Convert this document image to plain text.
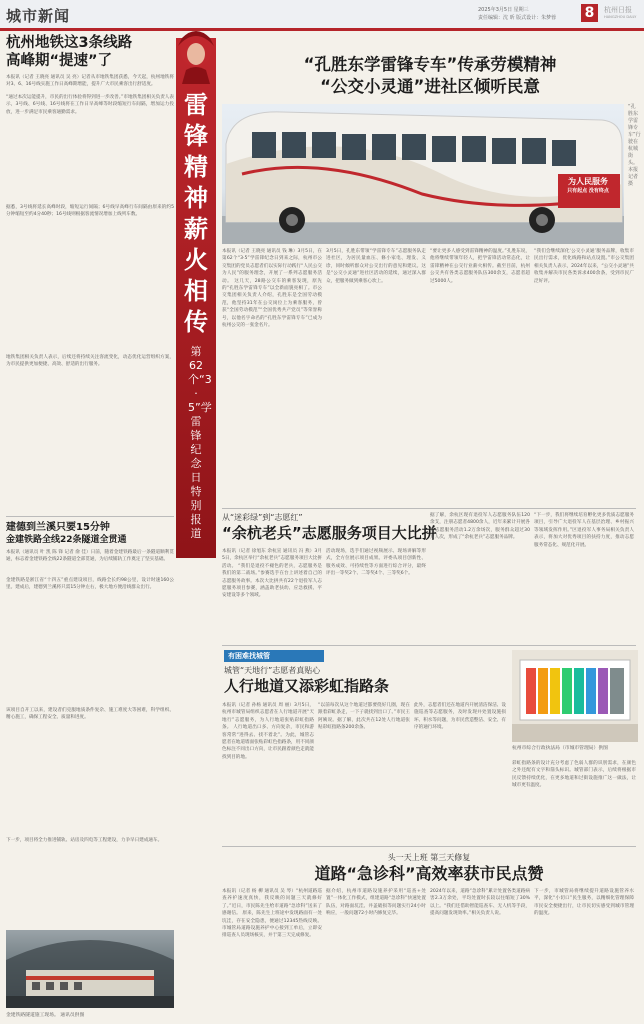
城市新闻	2025年3月5日 星期三
责任编辑：沈 昕 版式设计：朱梦蓉 8	杭州日报
HANGZHOU DAILY
杭州地铁这3条线路
高峰期“提速”了
本报讯（记者 王晓亮 通讯员 吴 亮）记者从市地铁集团获悉，今天起，杭州地铁将对3、6、16号线实施工作日高峰期增能，提升广大市民乘客出行舒适度。
“通过本次运能提升，市民的出行体验将得到进一步改善。”市地铁集团相关负责人表示，3号线、6号线、16号线将在工作日早高峰等时段缩短行车间隔，增加运力投放，进一步满足市民乘客通勤需求。
据悉，3号线将延长高峰时段，缩短运行间隔；6号线早高峰行车间隔由原来的约5分钟缩短至约4分40秒；16号线则根据客流情况增加上线列车数。
地铁集团相关负责人表示，后续还将持续关注客流变化，动态优化运营组织方案，为市民提供更加便捷、高效、舒适的出行服务。
建德到兰溪只要15分钟
金建铁路全线22条隧道全贯通
本报讯（通讯员 叶 凯 陈 锋 记者 俞 佳）日前，随着金建铁路最后一条隧道顺利贯通，标志着金建铁路全线22条隧道全部贯通，为后续铺轨工作奠定了坚实基础。
金建铁路是浙江省“十四五”重点建设项目，线路全长约98公里，设计时速160公里。建成后，建德到兰溪将只需15分钟左右，极大地方便沿线群众出行。
该项目自开工以来，建设者们克服地质条件复杂、施工难度大等困难，科学组织、精心施工，确保工程安全、质量和进度。
下一步，项目将全力推进铺轨、站房及四电等工程建设，力争早日建成通车。
金建铁路隧道施工现场。 通讯员供图
雷
锋
精
神
薪
火
相
传
第62个“3·5”学雷锋纪念日特别报道
“孔胜东学雷锋专车”传承劳模精神
“公交小灵通”进社区倾听民意
为人民服务
只有起点 没有终点
“孔胜东学雷锋专车”行驶在杭城街头。本报记者 摄
本报讯（记者 王晓亮 通讯员 钱 琳）3月5日，在第62个“3·5”学雷锋纪念日到来之际，杭州市公交集团的党员志愿者们以实际行动践行“人民公交为人民”的服务理念，开展了一系列志愿服务活动。 这几天，28路公交车的乘客发现，原先的“孔胜东学雷锋专车”以全新面貌亮相了。市公交集团相关负责人介绍，孔胜东是全国劳动模范，他坚持31年在公交岗位上为乘客服务，曾获“全国劳动模范”“全国优秀共产党员”等荣誉称号，以他名字命名的“孔胜东学雷锋专车”已成为杭州公交的一张金名片。
3月5日，孔胜东带领“学雷锋专车”志愿服务队走进社区，为居民量血压、修小家电、理发、义诊，同时倾听群众对公交出行的意见和建议。这是“公交小灵通”进社区活动的延续，通过深入群众，把服务做到乘客心坎上。
“要让更多人感受到雷锋精神的温度。”孔胜东说，他将继续带领年轻人，把学雷锋活动常态化，让雷锋精神在公交行业薪火相传。截至目前，杭州公交共有各类志愿服务队伍300余支，志愿者超过5000人。
“我们会继续深化‘公交小灵通’服务品牌，收集市民出行需求，优化线路和站点设置。”市公交集团相关负责人表示，2024年以来，“公交小灵通”共收集并解决市民各类诉求400余条，受到市民广泛好评。
从“迷彩绿”到“志愿红”
“余杭老兵”志愿服务项目大比拼
本报讯（记者 徐旭东 余杭宣 通讯员 冯 燕）3月5日，余杭区举行“余杭老兵”志愿服务项目大比拼活动。 “我们是退役不褪色的老兵，志愿服务是我们的第二战场。”参赛选手在台上讲述着自己的志愿服务故事。本次大比拼共有22个退役军人志愿服务项目参赛，涵盖助老扶幼、应急救援、平安建设等多个领域。
活动现场，选手们通过视频展示、现场讲解等形式，全方位展示项目成果。评委从项目创新性、服务成效、可持续性等方面进行综合评分，最终评出一等奖2个、二等奖4个、三等奖6个。
据了解，余杭区现有退役军人志愿服务队伍120余支，注册志愿者4800余人，近年来累计开展各类志愿服务活动1.2万余场次，服务群众超过30万人次，形成了“余杭老兵”志愿服务品牌。
“下一步，我们将继续培育孵化更多优质志愿服务项目，引导广大退役军人在基层治理、乡村振兴等领域发挥作用。”区退役军人事务局相关负责人表示，将加大对优秀项目的扶持力度，推动志愿服务常态化、规范化开展。
有困难找城管
城管“天地行”志愿者真贴心
人行地道又添彩虹指路条
本报讯（记者 孙杨 通讯员 周 丽）3月5日，杭州市城管局组织志愿者在人行地道开展“天地行”志愿服务，为人行地道张贴彩虹指路条。 人行地道出口多、方向复杂，市民和游客常常“进得去、找不着北”。为此，城管志愿者在地道墙面张贴彩虹色指路条，用不同颜色标注不同出口方向，让市民跟着颜色走就能找到目的地。
“以前每次从这个地道过都要绕好几圈，现在跟着彩虹条走，一下子就找到出口了。”市民王阿姨说。据了解，此次共在12处人行地道张贴彩虹指路条200余条。
此外，志愿者们还在地道内开展清洁保洁、设施巡查等志愿服务，及时发现并处置设施损坏、积水等问题，为市民营造整洁、安全、有序的通行环境。
杭州市综合行政执法局（市城市管理局）供图
彩虹指路条的设计充分考虑了色弱人群的识别需求，在颜色之外还配有文字和箭头标识。城管部门表示，后续将根据市民反馈持续优化，在更多地道和过街设施推广这一做法，让城市更有温度。
头一天上班 第三天修复
道路“急诊科”高效率获市民点赞
本报讯（记者 杨 柳 通讯员 吴 琴）“杭州道路巡查养护速度真快，我反映的问题三天就修好了。”近日，市民陈先生给市道路“急诊科”送来了感谢信。 原来，陈先生上班途中发现路面有一处坑洼，存在安全隐患，便通过12345热线反映。市城管局道路设施养护中心接到工单后，立即安排巡查人员现场核实，并于第三天完成修复。
据介绍，杭州市道路设施养护采用“巡查+处置”一体化工作模式，组建道路“急诊科”快速处置队伍，对路面坑洼、井盖破损等问题实行24小时响应，一般问题72小时内修复完毕。
2024年以来，道路“急诊科”累计处置各类道路病害2.3万余处，平均处置时长较以往缩短了30%以上。“我们还借助智能巡查车、无人机等手段，提高问题发现效率。”相关负责人说。
下一步，市城管局将继续提升道路设施管养水平，深化“小切口”民生服务，以精细化管理保障市民安全便捷出行，让市民切实感受到城市管理的温度。
